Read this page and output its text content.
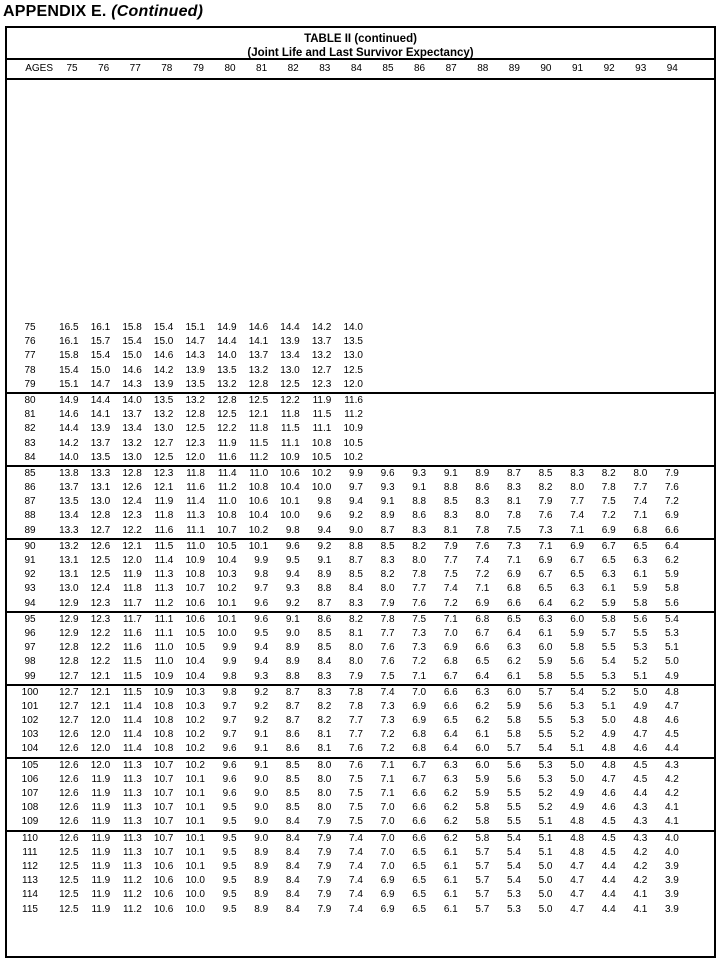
APPENDIX E. (Continued)
TABLE II (continued)
(Joint Life and Last Survivor Expectancy)
AGES	75	76	77	78	79	80	81	82	83	84	85	86	87	88	89	90	91	92	93	94
75	16.5	16.1	15.8	15.4	15.1	14.9	14.6	14.4	14.2	14.0
76	16.1	15.7	15.4	15.0	14.7	14.4	14.1	13.9	13.7	13.5
77	15.8	15.4	15.0	14.6	14.3	14.0	13.7	13.4	13.2	13.0
78	15.4	15.0	14.6	14.2	13.9	13.5	13.2	13.0	12.7	12.5
79	15.1	14.7	14.3	13.9	13.5	13.2	12.8	12.5	12.3	12.0
80	14.9	14.4	14.0	13.5	13.2	12.8	12.5	12.2	11.9	11.6
81	14.6	14.1	13.7	13.2	12.8	12.5	12.1	11.8	11.5	11.2
82	14.4	13.9	13.4	13.0	12.5	12.2	11.8	11.5	11.1	10.9
83	14.2	13.7	13.2	12.7	12.3	11.9	11.5	11.1	10.8	10.5
84	14.0	13.5	13.0	12.5	12.0	11.6	11.2	10.9	10.5	10.2
85	13.8	13.3	12.8	12.3	11.8	11.4	11.0	10.6	10.2	9.9	9.6	9.3	9.1	8.9	8.7	8.5	8.3	8.2	8.0	7.9
86	13.7	13.1	12.6	12.1	11.6	11.2	10.8	10.4	10.0	9.7	9.3	9.1	8.8	8.6	8.3	8.2	8.0	7.8	7.7	7.6
87	13.5	13.0	12.4	11.9	11.4	11.0	10.6	10.1	9.8	9.4	9.1	8.8	8.5	8.3	8.1	7.9	7.7	7.5	7.4	7.2
88	13.4	12.8	12.3	11.8	11.3	10.8	10.4	10.0	9.6	9.2	8.9	8.6	8.3	8.0	7.8	7.6	7.4	7.2	7.1	6.9
89	13.3	12.7	12.2	11.6	11.1	10.7	10.2	9.8	9.4	9.0	8.7	8.3	8.1	7.8	7.5	7.3	7.1	6.9	6.8	6.6
90	13.2	12.6	12.1	11.5	11.0	10.5	10.1	9.6	9.2	8.8	8.5	8.2	7.9	7.6	7.3	7.1	6.9	6.7	6.5	6.4
91	13.1	12.5	12.0	11.4	10.9	10.4	9.9	9.5	9.1	8.7	8.3	8.0	7.7	7.4	7.1	6.9	6.7	6.5	6.3	6.2
92	13.1	12.5	11.9	11.3	10.8	10.3	9.8	9.4	8.9	8.5	8.2	7.8	7.5	7.2	6.9	6.7	6.5	6.3	6.1	5.9
93	13.0	12.4	11.8	11.3	10.7	10.2	9.7	9.3	8.8	8.4	8.0	7.7	7.4	7.1	6.8	6.5	6.3	6.1	5.9	5.8
94	12.9	12.3	11.7	11.2	10.6	10.1	9.6	9.2	8.7	8.3	7.9	7.6	7.2	6.9	6.6	6.4	6.2	5.9	5.8	5.6
95	12.9	12.3	11.7	11.1	10.6	10.1	9.6	9.1	8.6	8.2	7.8	7.5	7.1	6.8	6.5	6.3	6.0	5.8	5.6	5.4
96	12.9	12.2	11.6	11.1	10.5	10.0	9.5	9.0	8.5	8.1	7.7	7.3	7.0	6.7	6.4	6.1	5.9	5.7	5.5	5.3
97	12.8	12.2	11.6	11.0	10.5	9.9	9.4	8.9	8.5	8.0	7.6	7.3	6.9	6.6	6.3	6.0	5.8	5.5	5.3	5.1
98	12.8	12.2	11.5	11.0	10.4	9.9	9.4	8.9	8.4	8.0	7.6	7.2	6.8	6.5	6.2	5.9	5.6	5.4	5.2	5.0
99	12.7	12.1	11.5	10.9	10.4	9.8	9.3	8.8	8.3	7.9	7.5	7.1	6.7	6.4	6.1	5.8	5.5	5.3	5.1	4.9
100	12.7	12.1	11.5	10.9	10.3	9.8	9.2	8.7	8.3	7.8	7.4	7.0	6.6	6.3	6.0	5.7	5.4	5.2	5.0	4.8
101	12.7	12.1	11.4	10.8	10.3	9.7	9.2	8.7	8.2	7.8	7.3	6.9	6.6	6.2	5.9	5.6	5.3	5.1	4.9	4.7
102	12.7	12.0	11.4	10.8	10.2	9.7	9.2	8.7	8.2	7.7	7.3	6.9	6.5	6.2	5.8	5.5	5.3	5.0	4.8	4.6
103	12.6	12.0	11.4	10.8	10.2	9.7	9.1	8.6	8.1	7.7	7.2	6.8	6.4	6.1	5.8	5.5	5.2	4.9	4.7	4.5
104	12.6	12.0	11.4	10.8	10.2	9.6	9.1	8.6	8.1	7.6	7.2	6.8	6.4	6.0	5.7	5.4	5.1	4.8	4.6	4.4
105	12.6	12.0	11.3	10.7	10.2	9.6	9.1	8.5	8.0	7.6	7.1	6.7	6.3	6.0	5.6	5.3	5.0	4.8	4.5	4.3
106	12.6	11.9	11.3	10.7	10.1	9.6	9.0	8.5	8.0	7.5	7.1	6.7	6.3	5.9	5.6	5.3	5.0	4.7	4.5	4.2
107	12.6	11.9	11.3	10.7	10.1	9.6	9.0	8.5	8.0	7.5	7.1	6.6	6.2	5.9	5.5	5.2	4.9	4.6	4.4	4.2
108	12.6	11.9	11.3	10.7	10.1	9.5	9.0	8.5	8.0	7.5	7.0	6.6	6.2	5.8	5.5	5.2	4.9	4.6	4.3	4.1
109	12.6	11.9	11.3	10.7	10.1	9.5	9.0	8.4	7.9	7.5	7.0	6.6	6.2	5.8	5.5	5.1	4.8	4.5	4.3	4.1
110	12.6	11.9	11.3	10.7	10.1	9.5	9.0	8.4	7.9	7.4	7.0	6.6	6.2	5.8	5.4	5.1	4.8	4.5	4.3	4.0
111	12.5	11.9	11.3	10.7	10.1	9.5	8.9	8.4	7.9	7.4	7.0	6.5	6.1	5.7	5.4	5.1	4.8	4.5	4.2	4.0
112	12.5	11.9	11.3	10.6	10.1	9.5	8.9	8.4	7.9	7.4	7.0	6.5	6.1	5.7	5.4	5.0	4.7	4.4	4.2	3.9
113	12.5	11.9	11.2	10.6	10.0	9.5	8.9	8.4	7.9	7.4	6.9	6.5	6.1	5.7	5.4	5.0	4.7	4.4	4.2	3.9
114	12.5	11.9	11.2	10.6	10.0	9.5	8.9	8.4	7.9	7.4	6.9	6.5	6.1	5.7	5.3	5.0	4.7	4.4	4.1	3.9
115	12.5	11.9	11.2	10.6	10.0	9.5	8.9	8.4	7.9	7.4	6.9	6.5	6.1	5.7	5.3	5.0	4.7	4.4	4.1	3.9
